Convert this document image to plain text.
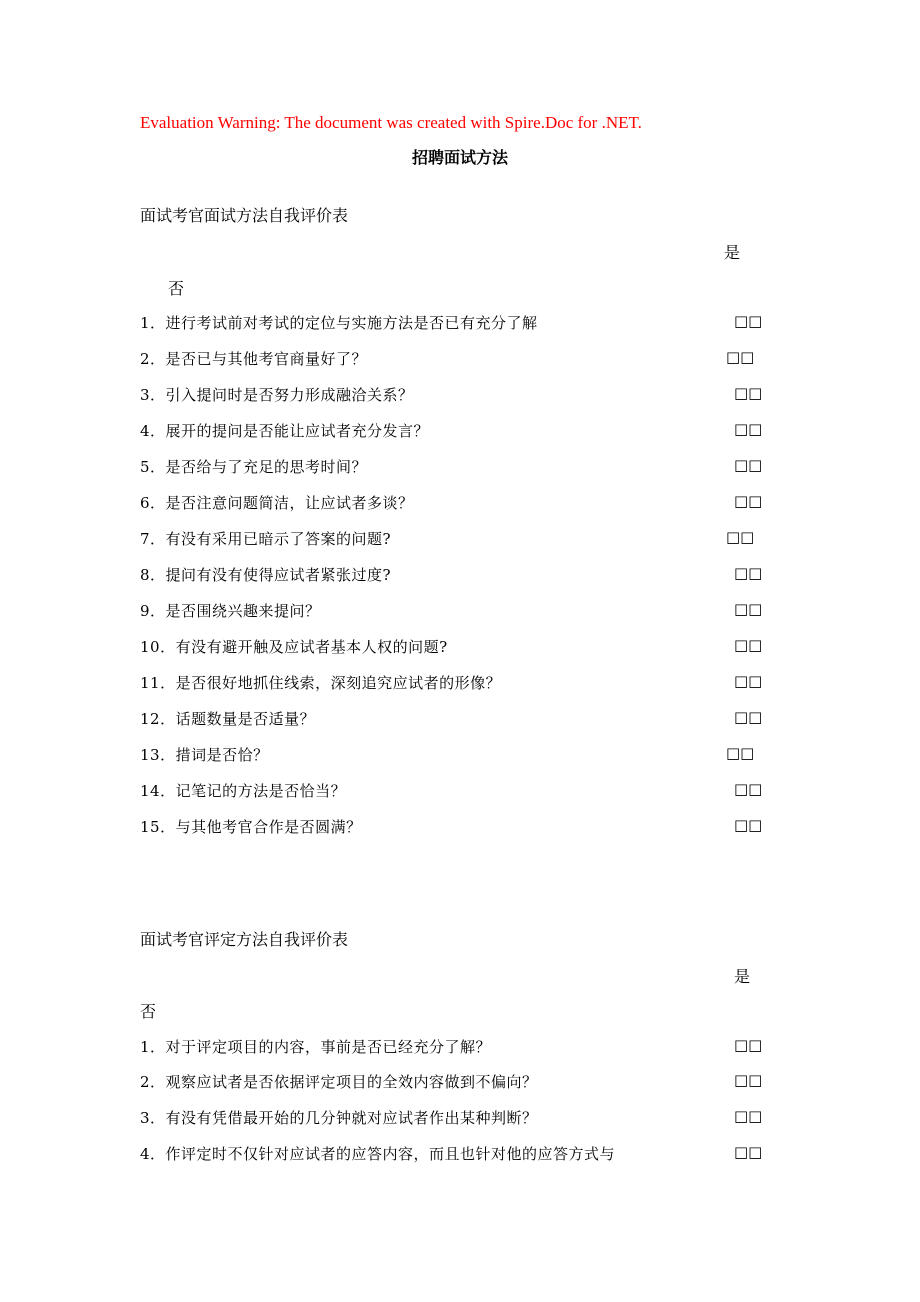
Evaluation Warning: The document was created with Spire.Doc for .NET.
招聘面试方法
面试考官面试方法自我评价表
是
否
1．进行考试前对考试的定位与实施方法是否已有充分了解	□□
2．是否已与其他考官商量好了？	□□
3．引入提问时是否努力形成融洽关系？	□□
4．展开的提问是否能让应试者充分发言？	□□
5．是否给与了充足的思考时间？	□□
6．是否注意问题简洁，让应试者多谈？	□□
7．有没有采用已暗示了答案的问题?	□□
8．提问有没有使得应试者紧张过度?	□□
9．是否围绕兴趣来提问？	□□
10．有没有避开触及应试者基本人权的问题?	□□
11．是否很好地抓住线索，深刻追究应试者的形像？	□□
12．话题数量是否适量？	□□
13．措词是否恰？	□□
14．记笔记的方法是否恰当？	□□
15．与其他考官合作是否圆满？	□□
面试考官评定方法自我评价表
是
否
1．对于评定项目的内容，事前是否已经充分了解？	□□
2．观察应试者是否依据评定项目的全效内容做到不偏向？	□□
3．有没有凭借最开始的几分钟就对应试者作出某种判断？	□□
4．作评定时不仅针对应试者的应答内容，而且也针对他的应答方式与	□□
